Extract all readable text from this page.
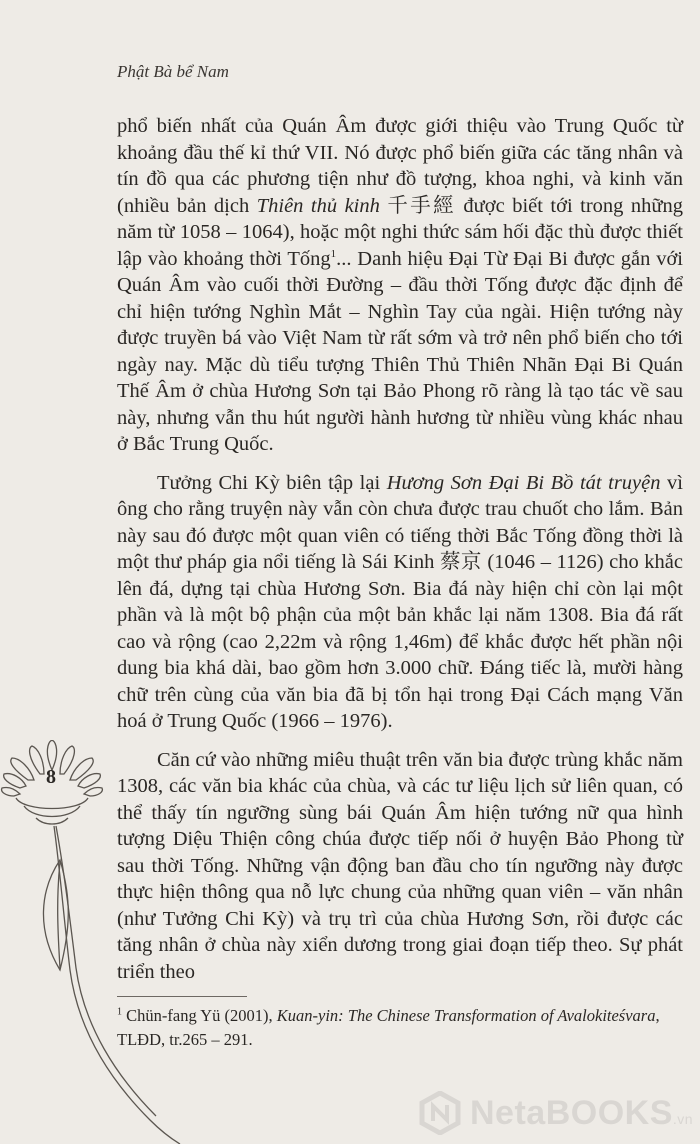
Phật Bà bể Nam

phổ biến nhất của Quán Âm được giới thiệu vào Trung Quốc từ khoảng đầu thế kỉ thứ VII. Nó được phổ biến giữa các tăng nhân và tín đồ qua các phương tiện như đồ tượng, khoa nghi, và kinh văn (nhiều bản dịch Thiên thủ kinh 千手經 được biết tới trong những năm từ 1058 – 1064), hoặc một nghi thức sám hối đặc thù được thiết lập vào khoảng thời Tống$^1$... Danh hiệu Đại Từ Đại Bi được gắn với Quán Âm vào cuối thời Đường – đầu thời Tống được đặc định để chỉ hiện tướng Nghìn Mắt – Nghìn Tay của ngài. Hiện tướng này được truyền bá vào Việt Nam từ rất sớm và trở nên phổ biến cho tới ngày nay. Mặc dù tiểu tượng Thiên Thủ Thiên Nhãn Đại Bi Quán Thế Âm ở chùa Hương Sơn tại Bảo Phong rõ ràng là tạo tác về sau này, nhưng vẫn thu hút người hành hương từ nhiều vùng khác nhau ở Bắc Trung Quốc.

Tưởng Chi Kỳ biên tập lại Hương Sơn Đại Bi Bồ tát truyện vì ông cho rằng truyện này vẫn còn chưa được trau chuốt cho lắm. Bản này sau đó được một quan viên có tiếng thời Bắc Tống đồng thời là một thư pháp gia nổi tiếng là Sái Kinh 蔡京 (1046 – 1126) cho khắc lên đá, dựng tại chùa Hương Sơn. Bia đá này hiện chỉ còn lại một phần và là một bộ phận của một bản khắc lại năm 1308. Bia đá rất cao và rộng (cao 2,22m và rộng 1,46m) để khắc được hết phần nội dung bia khá dài, bao gồm hơn 3.000 chữ. Đáng tiếc là, mười hàng chữ trên cùng của văn bia đã bị tổn hại trong Đại Cách mạng Văn hoá ở Trung Quốc (1966 – 1976).

Căn cứ vào những miêu thuật trên văn bia được trùng khắc năm 1308, các văn bia khác của chùa, và các tư liệu lịch sử liên quan, có thể thấy tín ngưỡng sùng bái Quán Âm hiện tướng nữ qua hình tượng Diệu Thiện công chúa được tiếp nối ở huyện Bảo Phong từ sau thời Tống. Những vận động ban đầu cho tín ngưỡng này được thực hiện thông qua nỗ lực chung của những quan viên – văn nhân (như Tưởng Chi Kỳ) và trụ trì của chùa Hương Sơn, rồi được các tăng nhân ở chùa này xiển dương trong giai đoạn tiếp theo. Sự phát triển theo

$^1$ Chün-fang Yü (2001), Kuan-yin: The Chinese Transformation of Avalokiteśvara, TLĐD, tr.265 – 291.
8
NetaBOOKS.vn
